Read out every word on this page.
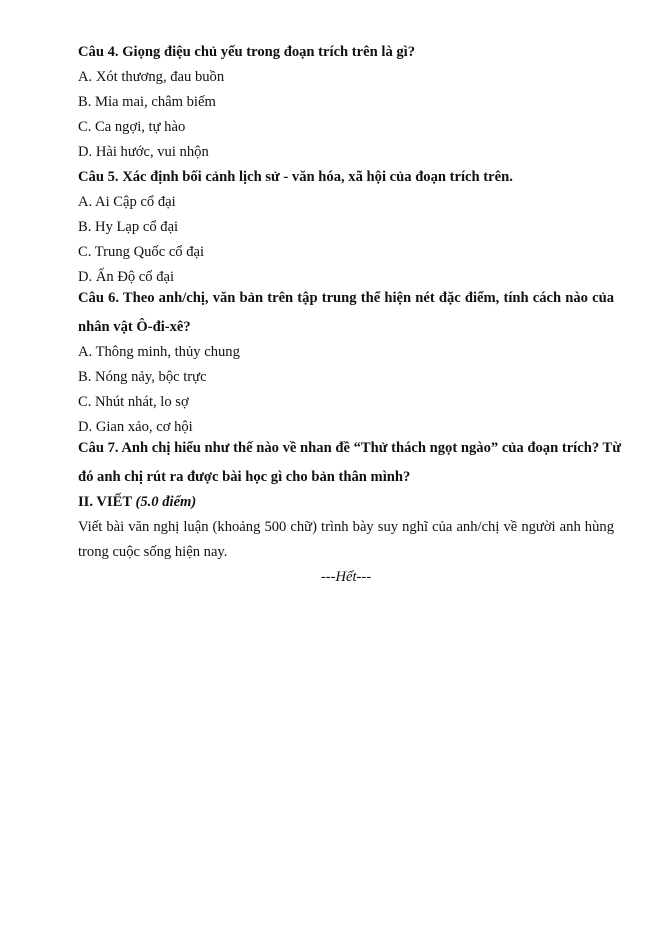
Câu 4. Giọng điệu chủ yếu trong đoạn trích trên là gì?
A. Xót thương, đau buồn
B. Mỉa mai, châm biếm
C. Ca ngợi, tự hào
D. Hài hước, vui nhộn
Câu 5. Xác định bối cảnh lịch sử - văn hóa, xã hội của đoạn trích trên.
A. Ai Cập cổ đại
B. Hy Lạp cổ đại
C. Trung Quốc cổ đại
D. Ấn Độ cổ đại
Câu 6. Theo anh/chị, văn bản trên tập trung thể hiện nét đặc điểm, tính cách nào của
nhân vật Ô-đi-xê?
A. Thông minh, thủy chung
B. Nóng nảy, bộc trực
C. Nhút nhát, lo sợ
D. Gian xảo, cơ hội
Câu 7. Anh chị hiểu như thế nào về nhan đề “Thử thách ngọt ngào” của đoạn trích? Từ
đó anh chị rút ra được bài học gì cho bản thân mình?
II. VIẾT (5.0 điểm)
Viết bài văn nghị luận (khoảng 500 chữ) trình bày suy nghĩ của anh/chị về người anh hùng
trong cuộc sống hiện nay.
---Hết---
